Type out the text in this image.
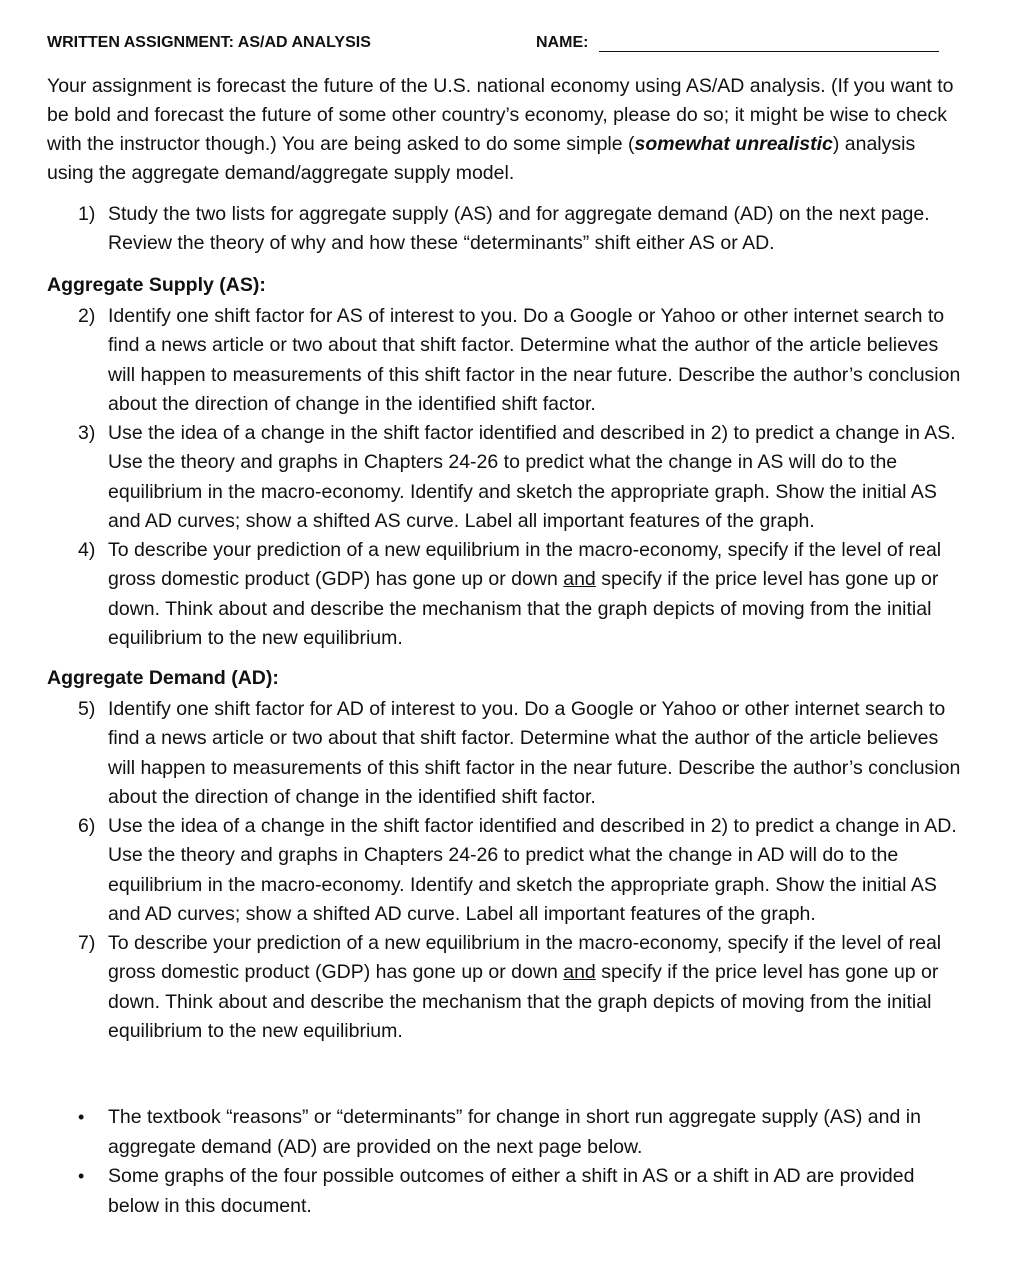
WRITTEN ASSIGNMENT: AS/AD ANALYSIS	NAME:
Your assignment is forecast the future of the U.S. national economy using AS/AD analysis. (If you want to be bold and forecast the future of some other country’s economy, please do so; it might be wise to check with the instructor though.) You are being asked to do some simple (somewhat unrealistic) analysis using the aggregate demand/aggregate supply model.
1) Study the two lists for aggregate supply (AS) and for aggregate demand (AD) on the next page. Review the theory of why and how these “determinants” shift either AS or AD.
Aggregate Supply (AS):
2) Identify one shift factor for AS of interest to you. Do a Google or Yahoo or other internet search to find a news article or two about that shift factor. Determine what the author of the article believes will happen to measurements of this shift factor in the near future. Describe the author’s conclusion about the direction of change in the identified shift factor.
3) Use the idea of a change in the shift factor identified and described in 2) to predict a change in AS. Use the theory and graphs in Chapters 24-26 to predict what the change in AS will do to the equilibrium in the macro-economy. Identify and sketch the appropriate graph. Show the initial AS and AD curves; show a shifted AS curve. Label all important features of the graph.
4) To describe your prediction of a new equilibrium in the macro-economy, specify if the level of real gross domestic product (GDP) has gone up or down and specify if the price level has gone up or down. Think about and describe the mechanism that the graph depicts of moving from the initial equilibrium to the new equilibrium.
Aggregate Demand (AD):
5) Identify one shift factor for AD of interest to you. Do a Google or Yahoo or other internet search to find a news article or two about that shift factor. Determine what the author of the article believes will happen to measurements of this shift factor in the near future. Describe the author’s conclusion about the direction of change in the identified shift factor.
6) Use the idea of a change in the shift factor identified and described in 2) to predict a change in AD. Use the theory and graphs in Chapters 24-26 to predict what the change in AD will do to the equilibrium in the macro-economy. Identify and sketch the appropriate graph. Show the initial AS and AD curves; show a shifted AD curve. Label all important features of the graph.
7) To describe your prediction of a new equilibrium in the macro-economy, specify if the level of real gross domestic product (GDP) has gone up or down and specify if the price level has gone up or down. Think about and describe the mechanism that the graph depicts of moving from the initial equilibrium to the new equilibrium.
• The textbook “reasons” or “determinants” for change in short run aggregate supply (AS) and in aggregate demand (AD) are provided on the next page below.
• Some graphs of the four possible outcomes of either a shift in AS or a shift in AD are provided below in this document.
